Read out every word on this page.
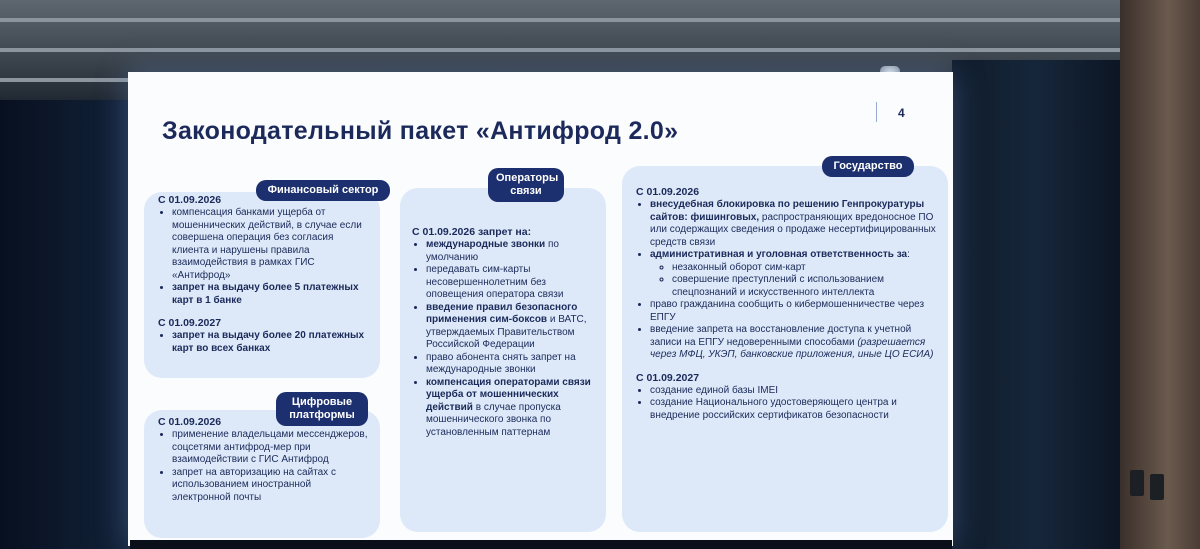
Законодательный пакет «Антифрод 2.0»
4

С 01.09.2026

• компенсация банками ущерба от мошеннических действий, в случае если совершена операция без согласия клиента и нарушены правила взаимодействия в рамках ГИС «Антифрод»
• запрет на выдачу более 5 платежных карт в 1 банке

С 01.09.2027

• запрет на выдачу более 20 платежных карт во всех банках
Финансовый сектор

С 01.09.2026

• применение владельцами мессенджеров, соцсетями антифрод-мер при взаимодействии с ГИС Антифрод
• запрет на авторизацию на сайтах с использованием иностранной электронной почты
Цифровые платформы

С 01.09.2026 запрет на:

• международные звонки по умолчанию
• передавать сим-карты несовершеннолетним без оповещения оператора связи
• введение правил безопасного применения сим-боксов и ВАТС, утверждаемых Правительством Российской Федерации
• право абонента снять запрет на международные звонки
• компенсация операторами связи ущерба от мошеннических действий в случае пропуска мошеннического звонка по установленным паттернам
Операторы связи	С 01.09.2026

• внесудебная блокировка по решению Генпрокуратуры сайтов: фишинговых, распространяющих вредоносное ПО или содержащих сведения о продаже несертифицированных средств связи
• административная и уголовная ответственность за:
◦ незаконный оборот сим-карт
◦ совершение преступлений с использованием спецпознаний и искусственного интеллекта
• право гражданина сообщить о кибермошенничестве через ЕПГУ
• введение запрета на восстановление доступа к учетной записи на ЕПГУ недоверенными способами (разрешается через МФЦ, УКЭП, банковские приложения, иные ЦО ЕСИА)

С 01.09.2027

• создание единой базы IMEI
• создание Национального удостоверяющего центра и внедрение российских сертификатов безопасности
Государство
